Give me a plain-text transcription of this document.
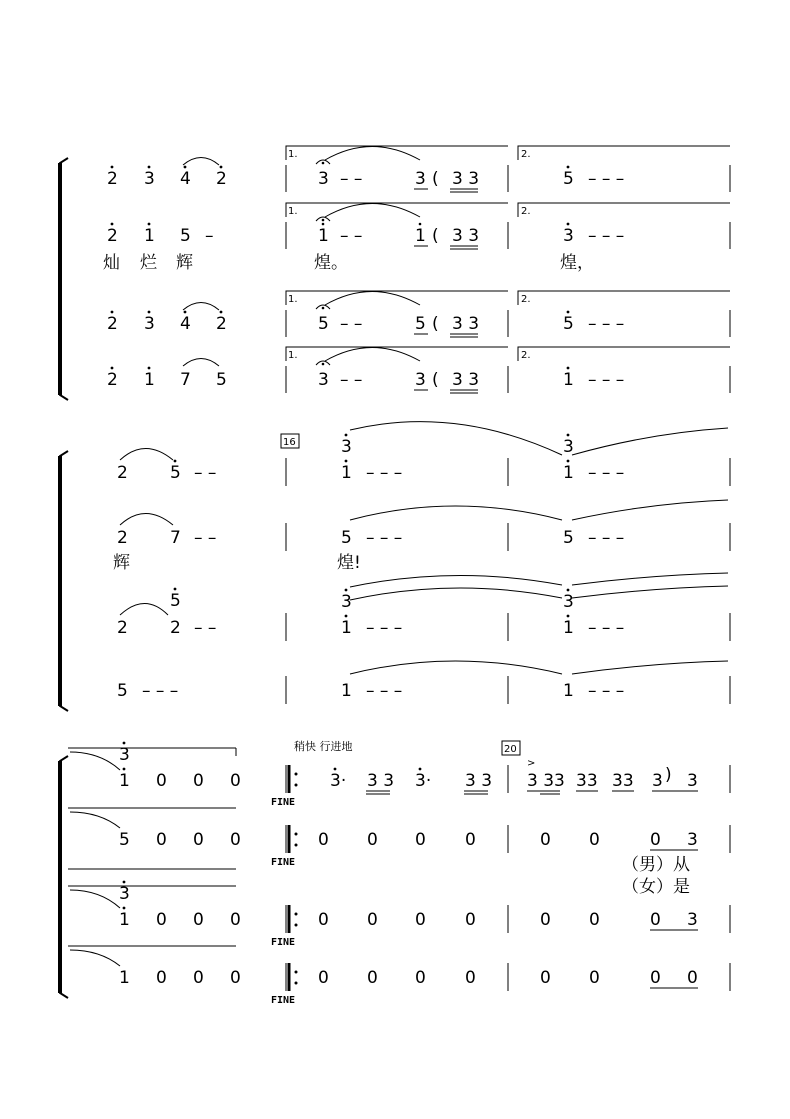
2 3 4 2
1.
3 – –	3 ( 3 3
2.
5 – – –
2 1 5 –
1.
1 – –	1 ( 3 3
2.
3 – – –
灿 烂 辉	煌。	煌，
2 3 4 2
1.
5 – –	5 ( 3 3
2.
5 – – –
2 1 7 5
1.
3 – –	3 ( 3 3
2.
1 – – –
16
2 5 – –
3
1 – – –
3
1 – – –
2 7 – –	5 – – –	5 – – –
辉	煌!
5
2 2 – –
3
1 – – –
3
1 – – –
5 – – –	1 – – –	1 – – –
稍快 行进地	20
3
1 0 0 0
FINE
3· 3 3 3· 3 3
>
3 33 33 33 3 ) 3
5 0 0 0
FINE
0 0 0 0	0 0	0 3
（男）从
（女）是
3
1 0 0 0
FINE
0 0 0 0	0 0	0 3
1 0 0 0
FINE
0 0 0 0	0 0	0 0
